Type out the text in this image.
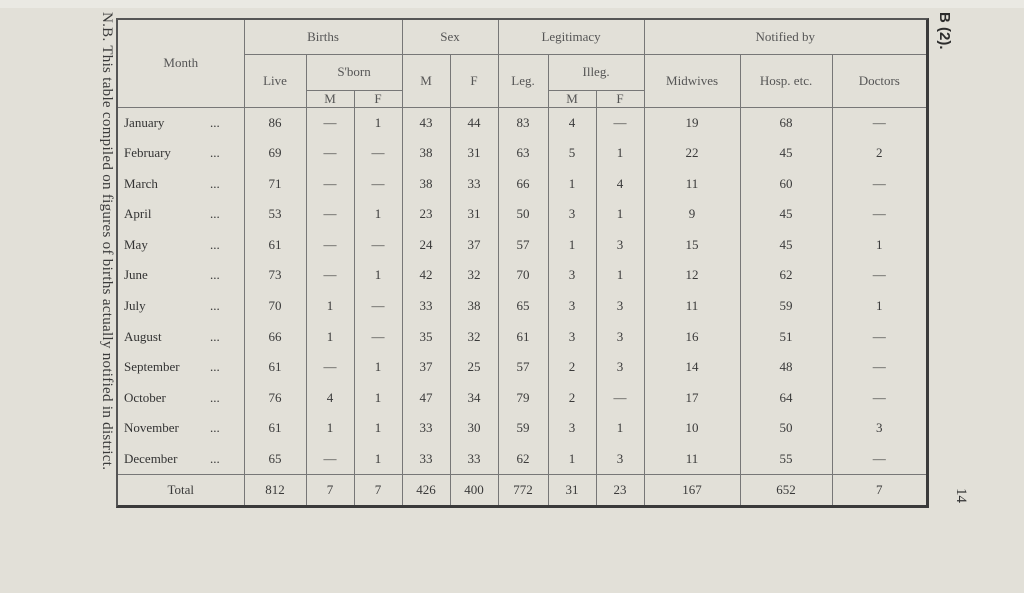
N.B. This table compiled on figures of births actually notified in district.	B (2).
14
Month	Births			Sex		Legitimacy			Notified by		
	Live	S'born		M	F	Leg.	Illeg.		Midwives	Hosp. etc.	Doctors
		M	F				M	F			
January ...	86	—	1	43	44	83	4	—	19	68	—
February ...	69	—	—	38	31	63	5	1	22	45	2
March ...	71	—	—	38	33	66	1	4	11	60	—
April ...	53	—	1	23	31	50	3	1	9	45	—
May ...	61	—	—	24	37	57	1	3	15	45	1
June ...	73	—	1	42	32	70	3	1	12	62	—
July ...	70	1	—	33	38	65	3	3	11	59	1
August ...	66	1	—	35	32	61	3	3	16	51	—
September ...	61	—	1	37	25	57	2	3	14	48	—
October ...	76	4	1	47	34	79	2	—	17	64	—
November ...	61	1	1	33	30	59	3	1	10	50	3
December ...	65	—	1	33	33	62	1	3	11	55	—
Total	812	7	7	426	400	772	31	23	167	652	7
